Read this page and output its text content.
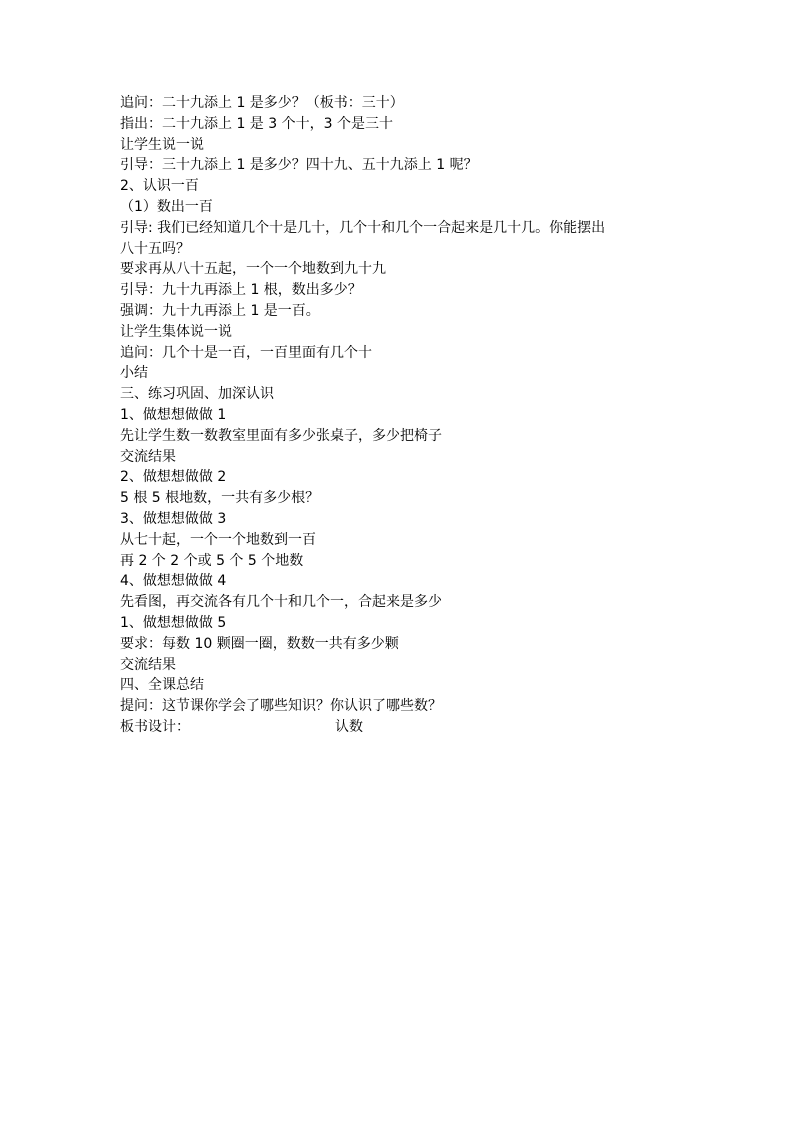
追问：二十九添上 1 是多少？（板书：三十）

指出：二十九添上 1 是 3 个十，3 个是三十

让学生说一说

引导：三十九添上 1 是多少？四十九、五十九添上 1 呢？

2、认识一百

（1）数出一百

引导: 我们已经知道几个十是几十，几个十和几个一合起来是几十几。你能摆出

八十五吗？

要求再从八十五起，一个一个地数到九十九

引导：九十九再添上 1 根，数出多少？

强调：九十九再添上 1 是一百。

让学生集体说一说

追问：几个十是一百，一百里面有几个十

小结

三、练习巩固、加深认识

1、做想想做做 1

先让学生数一数教室里面有多少张桌子，多少把椅子

交流结果

2、做想想做做 2

5 根 5 根地数，一共有多少根？

3、做想想做做 3

从七十起，一个一个地数到一百

再 2 个 2 个或 5 个 5 个地数

4、做想想做做 4

先看图，再交流各有几个十和几个一，合起来是多少

1、做想想做做 5

要求：每数 10 颗圈一圈，数数一共有多少颗

交流结果

四、全课总结

提问：这节课你学会了哪些知识？你认识了哪些数？

板书设计：	认数
